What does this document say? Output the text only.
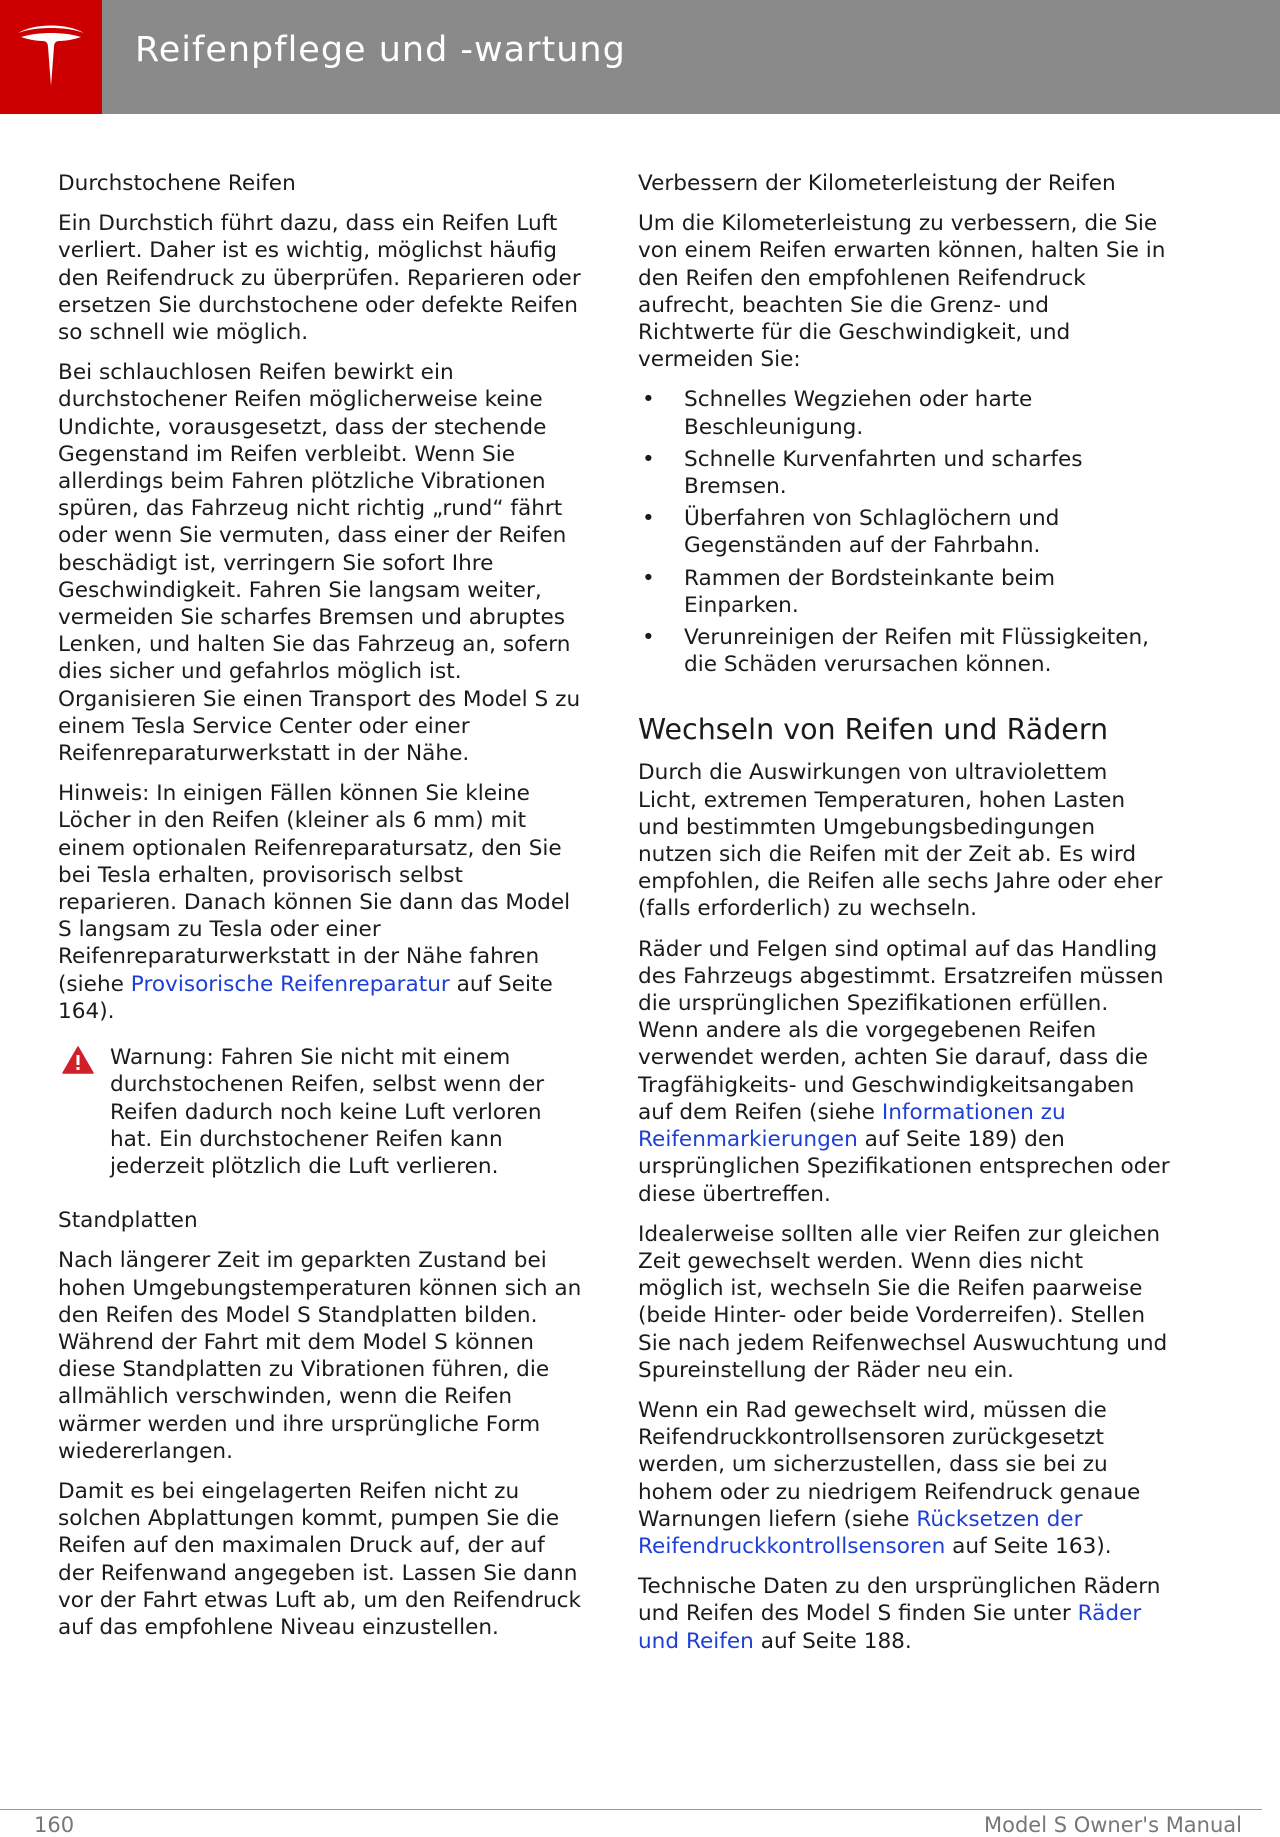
Reifenpflege und -wartung
Durchstochene Reifen

Ein Durchstich führt dazu, dass ein Reifen Luft verliert. Daher ist es wichtig, möglichst häufig den Reifendruck zu überprüfen. Reparieren oder ersetzen Sie durchstochene oder defekte Reifen so schnell wie möglich.

Bei schlauchlosen Reifen bewirkt ein durchstochener Reifen möglicherweise keine Undichte, vorausgesetzt, dass der stechende Gegenstand im Reifen verbleibt. Wenn Sie allerdings beim Fahren plötzliche Vibrationen spüren, das Fahrzeug nicht richtig „rund“ fährt oder wenn Sie vermuten, dass einer der Reifen beschädigt ist, verringern Sie sofort Ihre Geschwindigkeit. Fahren Sie langsam weiter, vermeiden Sie scharfes Bremsen und abruptes Lenken, und halten Sie das Fahrzeug an, sofern dies sicher und gefahrlos möglich ist. Organisieren Sie einen Transport des Model S zu einem Tesla Service Center oder einer Reifenreparaturwerkstatt in der Nähe.

Hinweis: In einigen Fällen können Sie kleine Löcher in den Reifen (kleiner als 6 mm) mit einem optionalen Reifenreparatursatz, den Sie bei Tesla erhalten, provisorisch selbst reparieren. Danach können Sie dann das Model S langsam zu Tesla oder einer Reifenreparaturwerkstatt in der Nähe fahren (siehe Provisorische Reifenreparatur auf Seite 164).

Warnung: Fahren Sie nicht mit einem durchstochenen Reifen, selbst wenn der Reifen dadurch noch keine Luft verloren hat. Ein durchstochener Reifen kann jederzeit plötzlich die Luft verlieren.
Standplatten

Nach längerer Zeit im geparkten Zustand bei hohen Umgebungstemperaturen können sich an den Reifen des Model S Standplatten bilden. Während der Fahrt mit dem Model S können diese Standplatten zu Vibrationen führen, die allmählich verschwinden, wenn die Reifen wärmer werden und ihre ursprüngliche Form wiedererlangen.

Damit es bei eingelagerten Reifen nicht zu solchen Abplattungen kommt, pumpen Sie die Reifen auf den maximalen Druck auf, der auf der Reifenwand angegeben ist. Lassen Sie dann vor der Fahrt etwas Luft ab, um den Reifendruck auf das empfohlene Niveau einzustellen.

Verbessern der Kilometerleistung der Reifen

Um die Kilometerleistung zu verbessern, die Sie von einem Reifen erwarten können, halten Sie in den Reifen den empfohlenen Reifendruck aufrecht, beachten Sie die Grenz- und Richtwerte für die Geschwindigkeit, und vermeiden Sie:

• Schnelles Wegziehen oder harte Beschleunigung.
• Schnelle Kurvenfahrten und scharfes Bremsen.
• Überfahren von Schlaglöchern und Gegenständen auf der Fahrbahn.
• Rammen der Bordsteinkante beim Einparken.
• Verunreinigen der Reifen mit Flüssigkeiten, die Schäden verursachen können.
Wechseln von Reifen und Rädern

Durch die Auswirkungen von ultraviolettem Licht, extremen Temperaturen, hohen Lasten und bestimmten Umgebungsbedingungen nutzen sich die Reifen mit der Zeit ab. Es wird empfohlen, die Reifen alle sechs Jahre oder eher (falls erforderlich) zu wechseln.

Räder und Felgen sind optimal auf das Handling des Fahrzeugs abgestimmt. Ersatzreifen müssen die ursprünglichen Spezifikationen erfüllen. Wenn andere als die vorgegebenen Reifen verwendet werden, achten Sie darauf, dass die Tragfähigkeits- und Geschwindigkeitsangaben auf dem Reifen (siehe Informationen zu Reifenmarkierungen auf Seite 189) den ursprünglichen Spezifikationen entsprechen oder diese übertreffen.

Idealerweise sollten alle vier Reifen zur gleichen Zeit gewechselt werden. Wenn dies nicht möglich ist, wechseln Sie die Reifen paarweise (beide Hinter- oder beide Vorderreifen). Stellen Sie nach jedem Reifenwechsel Auswuchtung und Spureinstellung der Räder neu ein.

Wenn ein Rad gewechselt wird, müssen die Reifendruckkontrollsensoren zurückgesetzt werden, um sicherzustellen, dass sie bei zu hohem oder zu niedrigem Reifendruck genaue Warnungen liefern (siehe Rücksetzen der Reifendruckkontrollsensoren auf Seite 163).

Technische Daten zu den ursprünglichen Rädern und Reifen des Model S finden Sie unter Räder und Reifen auf Seite 188.

160	Model S Owner's Manual
